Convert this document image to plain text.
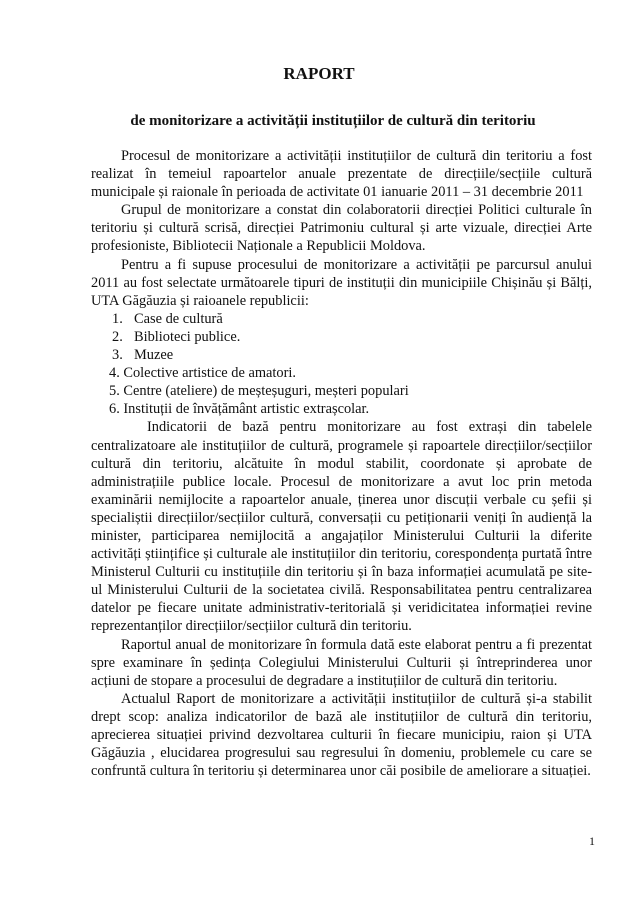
RAPORT
de monitorizare a activității instituțiilor de cultură din teritoriu

Procesul de monitorizare a activității instituțiilor de cultură din teritoriu a fost realizat în temeiul rapoartelor anuale prezentate de direcțiile/secțiile cultură municipale și raionale în perioada de activitate 01 ianuarie 2011 – 31 decembrie 2011

Grupul de monitorizare a constat din colaboratorii direcției Politici culturale în teritoriu și cultură scrisă, direcției Patrimoniu cultural și arte vizuale, direcției Arte profesioniste, Bibliotecii Naționale a Republicii Moldova.

Pentru a fi supuse procesului de monitorizare a activității pe parcursul anului 2011 au fost selectate următoarele tipuri de instituții din municipiile Chișinău și Bălți, UTA Găgăuzia și raioanele republicii:

1. Case de cultură
2. Biblioteci publice.
3. Muzee
4. Colective artistice de amatori.
5. Centre (ateliere) de meșteșuguri, meșteri populari
6. Instituții de învățământ artistic extrașcolar.

Indicatorii de bază pentru monitorizare au fost extrași din tabelele centralizatoare ale instituțiilor de cultură, programele și rapoartele direcțiilor/secțiilor cultură din teritoriu, alcătuite în modul stabilit, coordonate și aprobate de administrațiile publice locale. Procesul de monitorizare a avut loc prin metoda examinării nemijlocite a rapoartelor anuale, ținerea unor discuții verbale cu șefii și specialiștii direcțiilor/secțiilor cultură, conversații cu petiționarii veniți în audiență la minister, participarea nemijlocită a angajaților Ministerului Culturii la diferite activități științifice și culturale ale instituțiilor din teritoriu, corespondența purtată între Ministerul Culturii cu instituțiile din teritoriu și în baza informației acumulată pe site-ul Ministerului Culturii de la societatea civilă. Responsabilitatea pentru centralizarea datelor pe fiecare unitate administrativ-teritorială și veridicitatea informației revine reprezentanților direcțiilor/secțiilor cultură din teritoriu.

Raportul anual de monitorizare în formula dată este elaborat pentru a fi prezentat spre examinare în ședința Colegiului Ministerului Culturii și întreprinderea unor acțiuni de stopare a procesului de degradare a instituțiilor de cultură din teritoriu.

Actualul Raport de monitorizare a activității instituțiilor de cultură și-a stabilit drept scop: analiza indicatorilor de bază ale instituțiilor de cultură din teritoriu, aprecierea situației privind dezvoltarea culturii în fiecare municipiu, raion și UTA Găgăuzia , elucidarea progresului sau regresului în domeniu, problemele cu care se confruntă cultura în teritoriu și determinarea unor căi posibile de ameliorare a situației.

1
